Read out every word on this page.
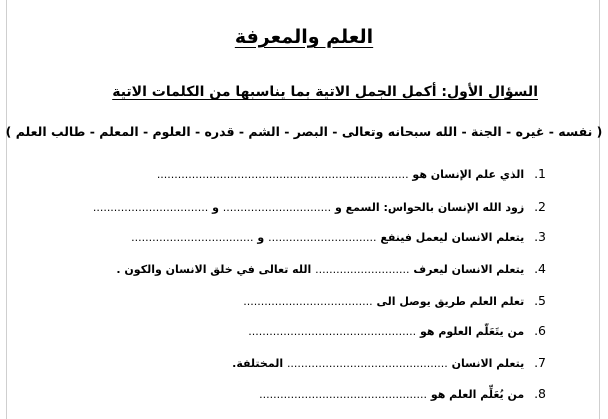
العلم والمعرفة
السؤال الأول: أكمل الجمل الاتية بما يناسبها من الكلمات الاتية
( نفسه - غيره - الجنة - الله سبحانه وتعالى - البصر - الشم - قدره - العلوم - المعلم - طالب العلم )
1. الذي علم الإنسان هو ........................................................................
2. زود الله الإنسان بالحواس: السمع و ............................... و .................................
3. يتعلم الانسان ليعمل فينفع ............................... و ...................................
4. يتعلم الانسان ليعرف ........................... الله تعالى في خلق الانسان والكون .
5. تعلم العلم طريق يوصل الى .....................................
6. من يتَعَلّم العلوم هو ................................................
7. يتعلم الانسان .............................................. المختلفة.
8. من يُعَلِّم العلم هو ................................................
